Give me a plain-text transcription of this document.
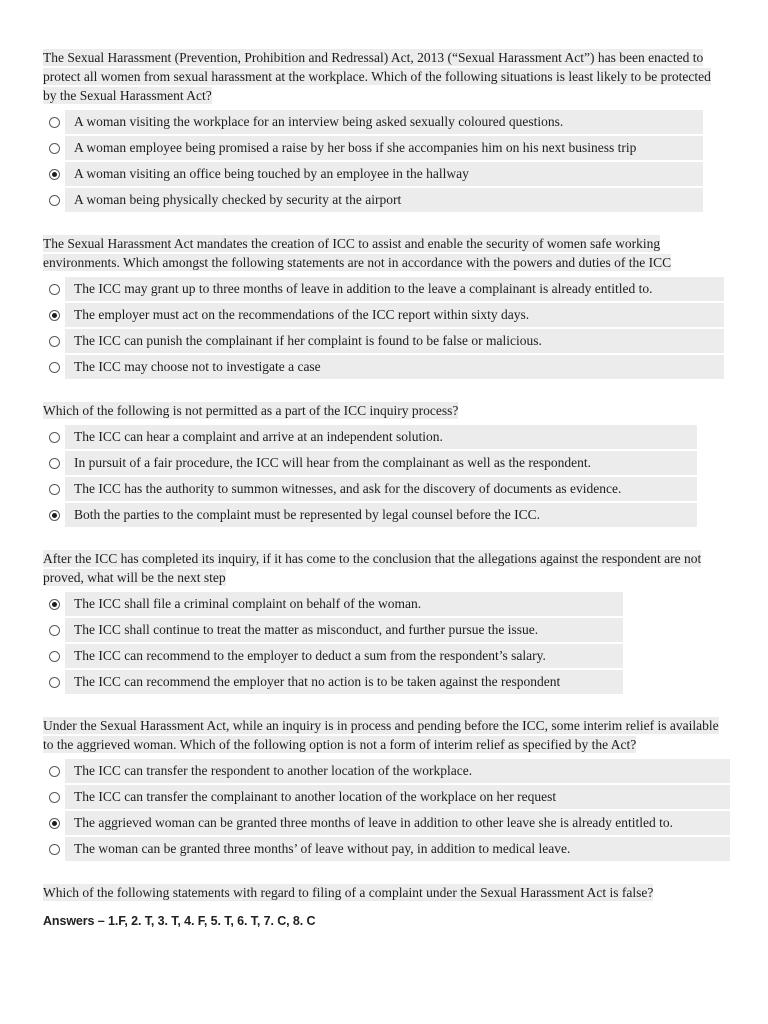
The Sexual Harassment (Prevention, Prohibition and Redressal) Act, 2013 (“Sexual Harassment Act”) has been enacted to protect all women from sexual harassment at the workplace. Which of the following situations is least likely to be protected by the Sexual Harassment Act?

A woman visiting the workplace for an interview being asked sexually coloured questions.
A woman employee being promised a raise by her boss if she accompanies him on his next business trip
A woman visiting an office being touched by an employee in the hallway
A woman being physically checked by security at the airport

The Sexual Harassment Act mandates the creation of ICC to assist and enable the security of women safe working environments. Which amongst the following statements are not in accordance with the powers and duties of the ICC

The ICC may grant up to three months of leave in addition to the leave a complainant is already entitled to.
The employer must act on the recommendations of the ICC report within sixty days.
The ICC can punish the complainant if her complaint is found to be false or malicious.
The ICC may choose not to investigate a case

Which of the following is not permitted as a part of the ICC inquiry process?

The ICC can hear a complaint and arrive at an independent solution.
In pursuit of a fair procedure, the ICC will hear from the complainant as well as the respondent.
The ICC has the authority to summon witnesses, and ask for the discovery of documents as evidence.
Both the parties to the complaint must be represented by legal counsel before the ICC.

After the ICC has completed its inquiry, if it has come to the conclusion that the allegations against the respondent are not proved, what will be the next step

The ICC shall file a criminal complaint on behalf of the woman.
The ICC shall continue to treat the matter as misconduct, and further pursue the issue.
The ICC can recommend to the employer to deduct a sum from the respondent’s salary.
The ICC can recommend the employer that no action is to be taken against the respondent

Under the Sexual Harassment Act, while an inquiry is in process and pending before the ICC, some interim relief is available to the aggrieved woman. Which of the following option is not a form of interim relief as specified by the Act?

The ICC can transfer the respondent to another location of the workplace.
The ICC can transfer the complainant to another location of the workplace on her request
The aggrieved woman can be granted three months of leave in addition to other leave she is already entitled to.
The woman can be granted three months’ of leave without pay, in addition to medical leave.

Which of the following statements with regard to filing of a complaint under the Sexual Harassment Act is false?

Answers – 1.F, 2. T, 3. T, 4. F, 5. T, 6. T, 7. C, 8. C
